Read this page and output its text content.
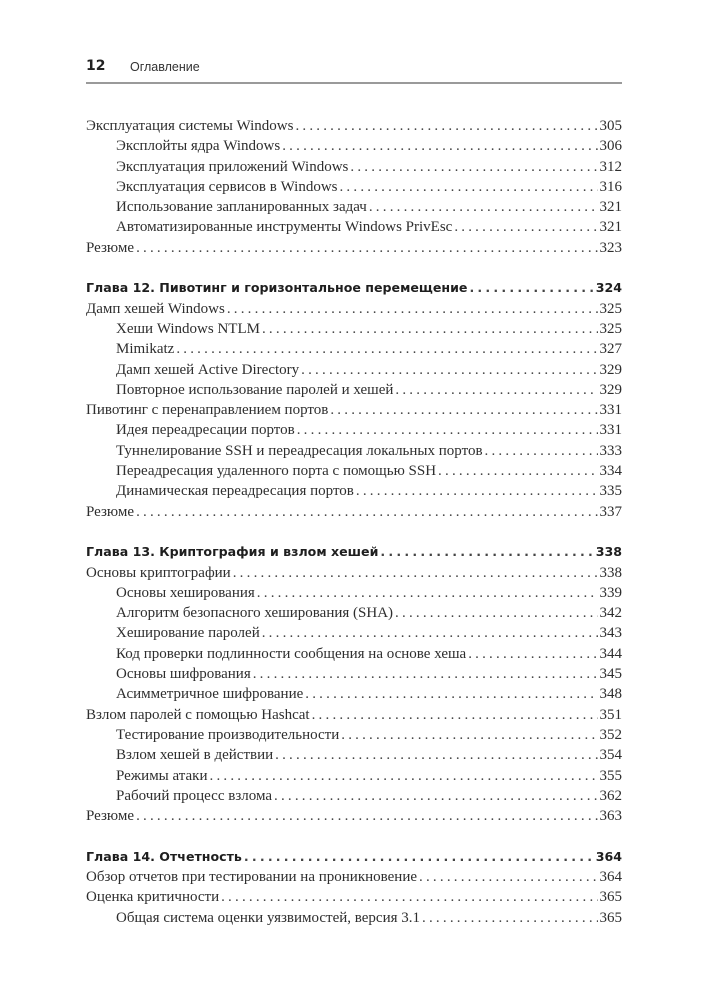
12 Оглавление
Эксплуатация системы Windows .....	305
Эксплойты ядра Windows .....	306
Эксплуатация приложений Windows .....	312
Эксплуатация сервисов в Windows .....	316
Использование запланированных задач .....	321
Автоматизированные инструменты Windows PrivEsc .....	321
Резюме .....	323
Глава 12. Пивотинг и горизонтальное перемещение .....	324
Дамп хешей Windows .....	325
Хеши Windows NTLM .....	325
Mimikatz .....	327
Дамп хешей Active Directory .....	329
Повторное использование паролей и хешей .....	329
Пивотинг с перенаправлением портов .....	331
Идея переадресации портов .....	331
Туннелирование SSH и переадресация локальных портов .....	333
Переадресация удаленного порта с помощью SSH .....	334
Динамическая переадресация портов .....	335
Резюме .....	337
Глава 13. Криптография и взлом хешей .....	338
Основы криптографии .....	338
Основы хеширования .....	339
Алгоритм безопасного хеширования (SHA) .....	342
Хеширование паролей .....	343
Код проверки подлинности сообщения на основе хеша .....	344
Основы шифрования .....	345
Асимметричное шифрование .....	348
Взлом паролей с помощью Hashcat .....	351
Тестирование производительности .....	352
Взлом хешей в действии .....	354
Режимы атаки .....	355
Рабочий процесс взлома .....	362
Резюме .....	363
Глава 14. Отчетность .....	364
Обзор отчетов при тестировании на проникновение .....	364
Оценка критичности .....	365
Общая система оценки уязвимостей, версия 3.1 .....	365
